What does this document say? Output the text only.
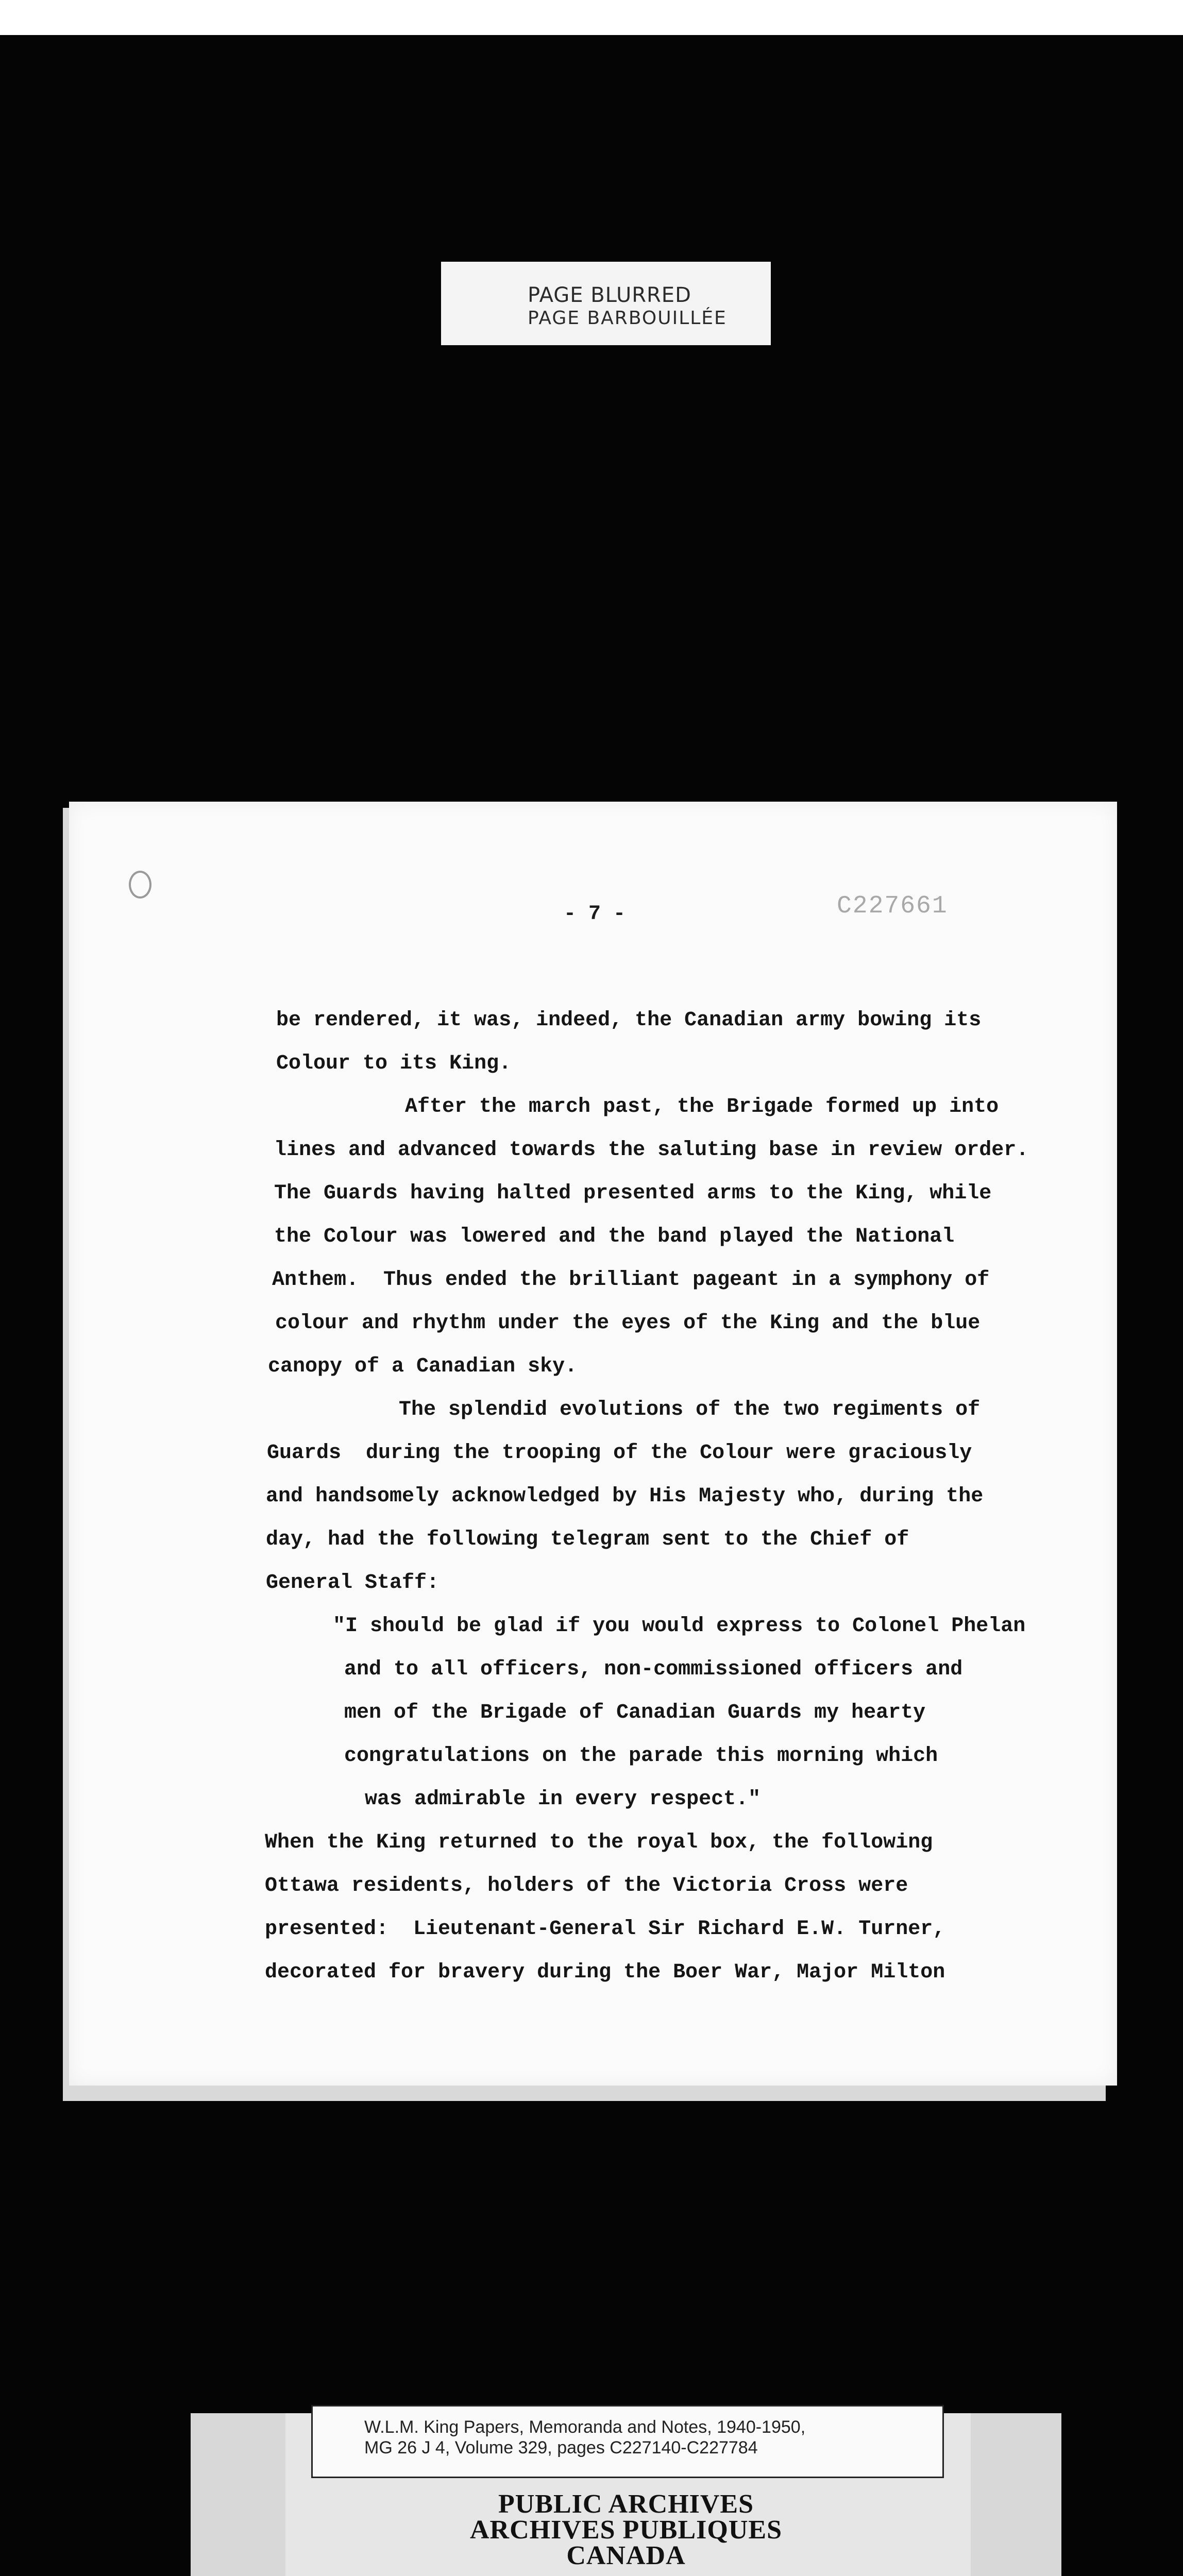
PAGE BLURRED
PAGE BARBOUILLÉE
- 7 -	C227661
be rendered, it was, indeed, the Canadian army bowing its
Colour to its King.
After the march past, the Brigade formed up into
lines and advanced towards the saluting base in review order.
The Guards having halted presented arms to the King, while
the Colour was lowered and the band played the National
Anthem.  Thus ended the brilliant pageant in a symphony of
colour and rhythm under the eyes of the King and the blue
canopy of a Canadian sky.
The splendid evolutions of the two regiments of
Guards  during the trooping of the Colour were graciously
and handsomely acknowledged by His Majesty who, during the
day, had the following telegram sent to the Chief of
General Staff:
"I should be glad if you would express to Colonel Phelan
and to all officers, non-commissioned officers and
men of the Brigade of Canadian Guards my hearty
congratulations on the parade this morning which
was admirable in every respect."
When the King returned to the royal box, the following
Ottawa residents, holders of the Victoria Cross were
presented:  Lieutenant-General Sir Richard E.W. Turner,
decorated for bravery during the Boer War, Major Milton
W.L.M. King Papers, Memoranda and Notes, 1940-1950,
MG 26 J 4, Volume 329, pages C227140-C227784
PUBLIC ARCHIVES
ARCHIVES PUBLIQUES
CANADA
